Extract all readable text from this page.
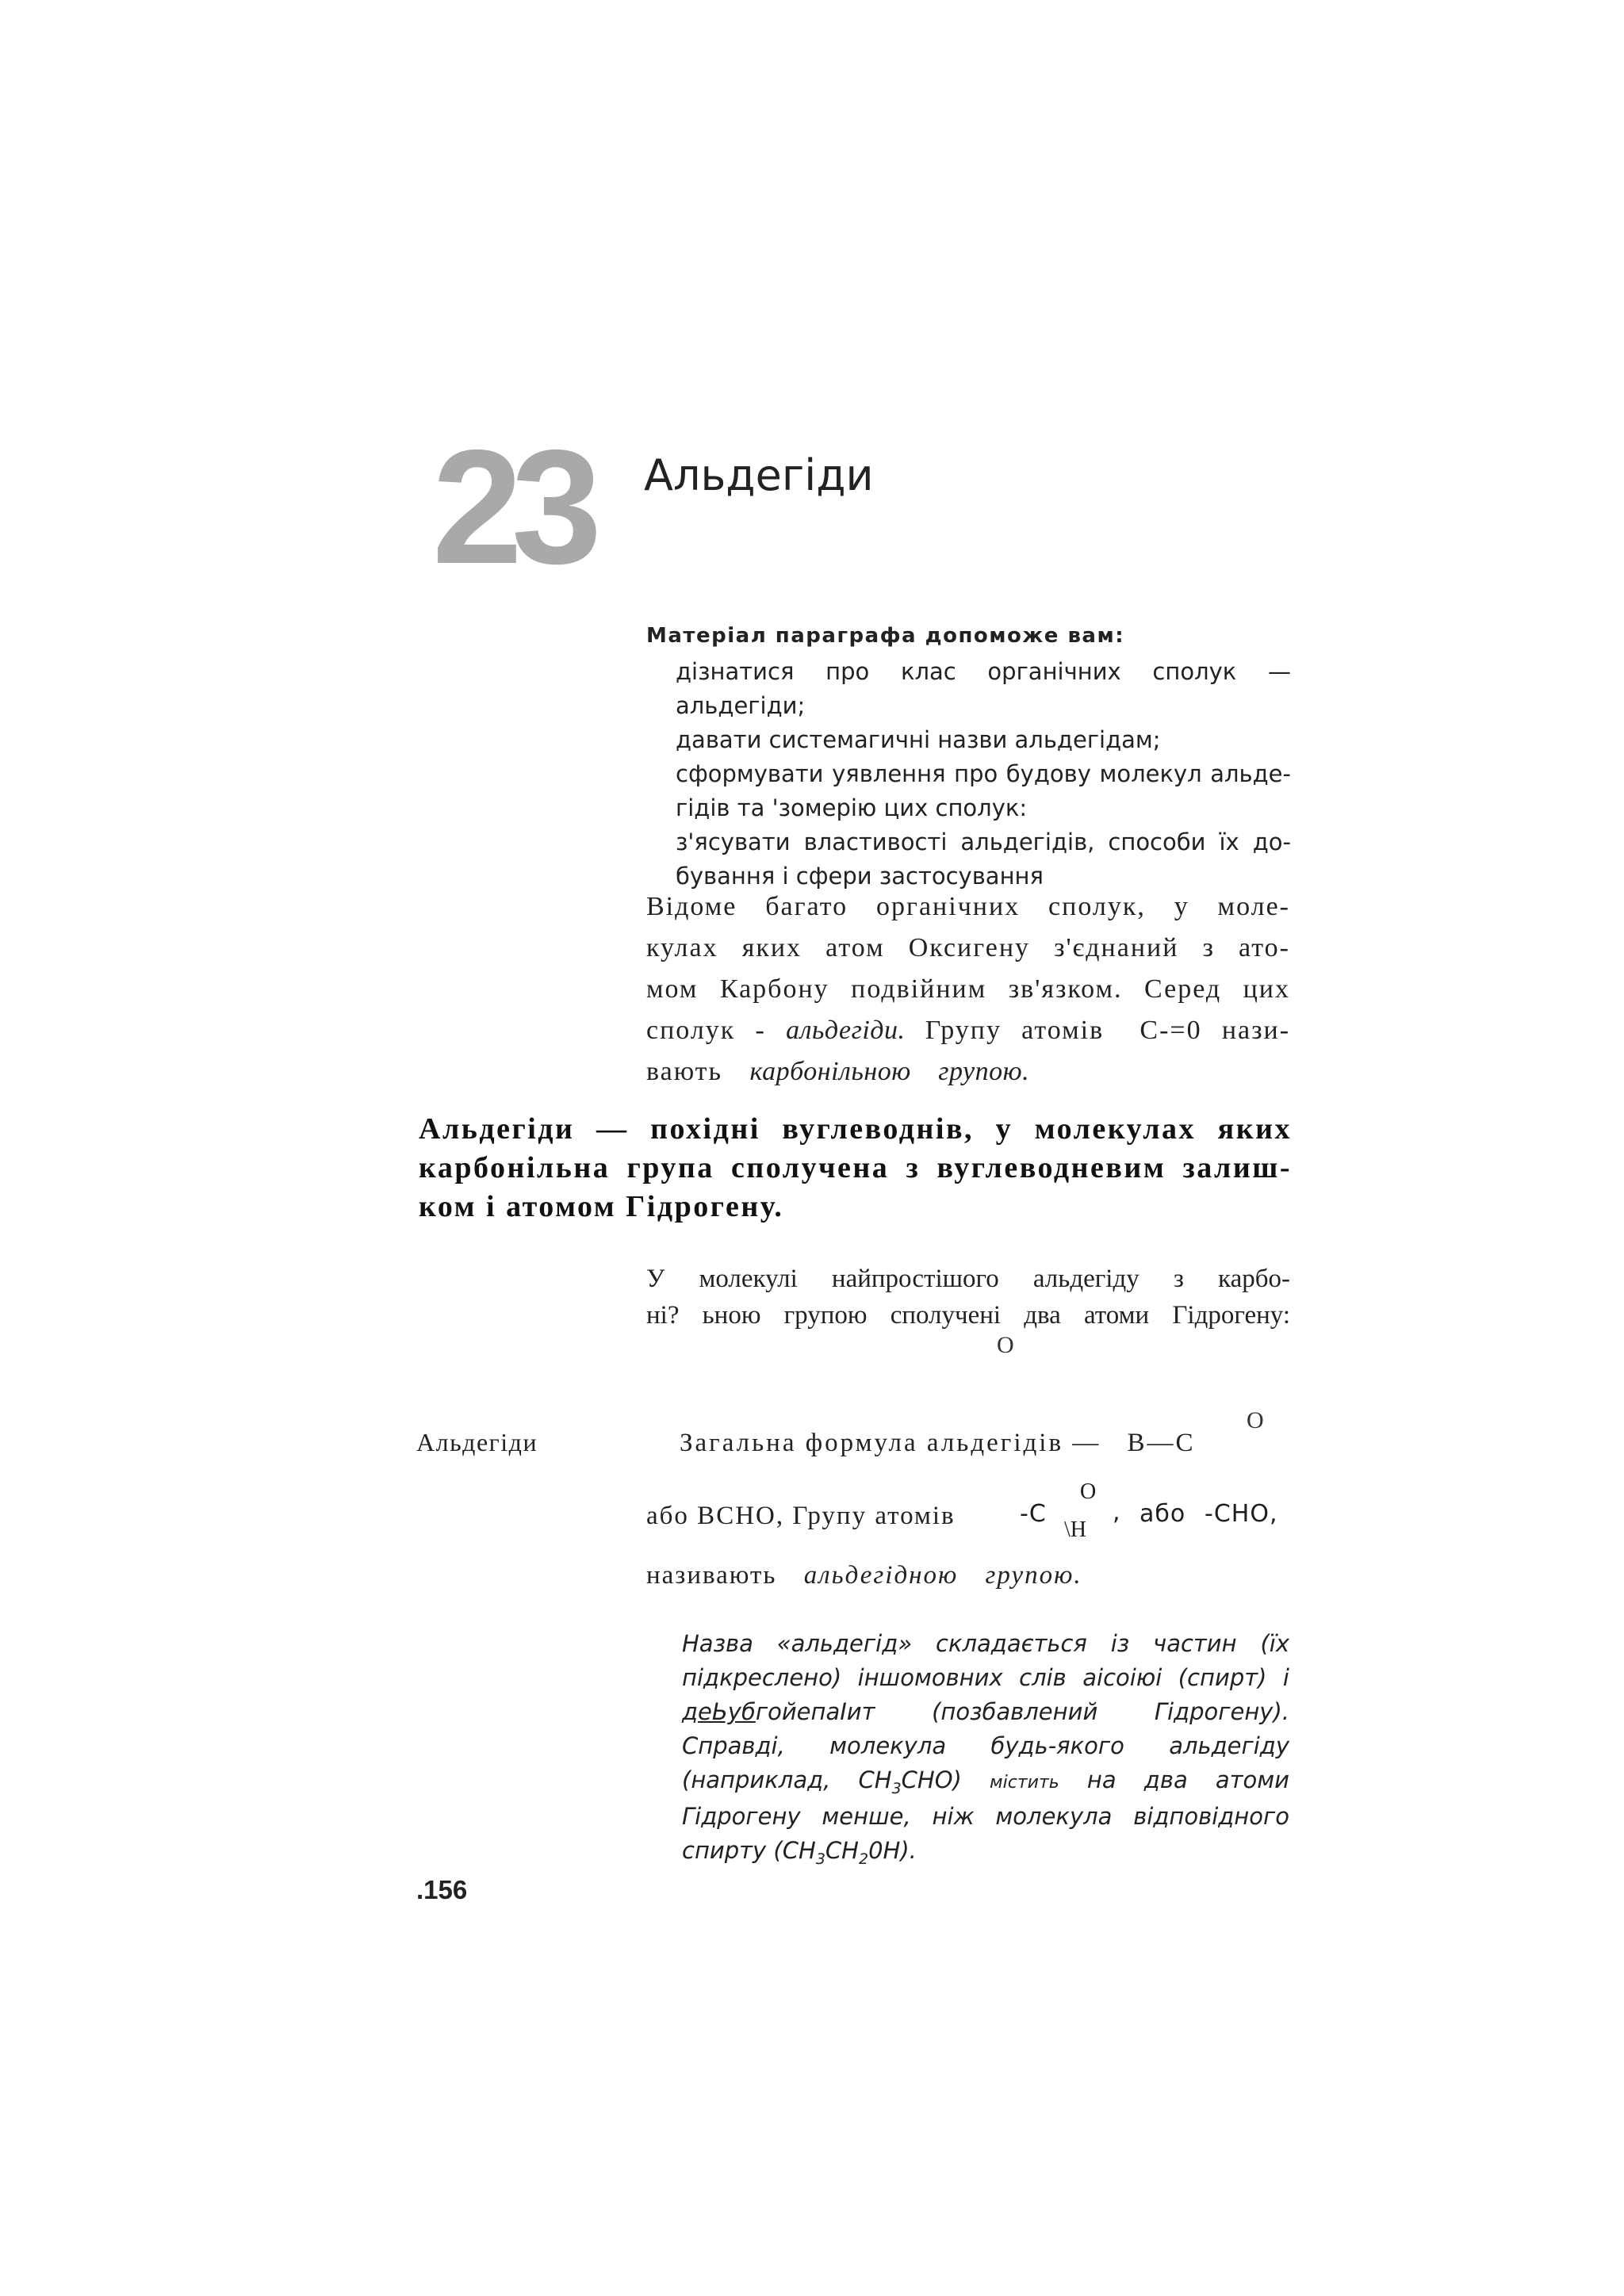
23 Альдегіди
Матеріал параграфа допоможе вам:
дізнатися про клас органічних сполук — альдегіди;
давати системагичні назви альдегідам;
сформувати уявлення про будову молекул альде-
гідів та 'зомерію цих сполук:
з'ясувати властивості альдегідів, способи їх до-
бування і сфери застосування
Відоме багато органічних сполук, у моле-
кулах яких атом Оксигену з'єднаний з ато-
мом Карбону подвійним зв'язком. Серед цих
сполук - альдегіди. Групу атомів C-=0 нази-
вають карбонільною групою.
Альдегіди — похідні вуглеводнів, у молекулах яких
карбонільна група сполучена з вуглеводневим залиш-
ком і атомом Гідрогену.
У молекулі найпростішого альдегіду з карбо-
ні? ьною групою сполучені два атоми Гідрогену:
O
Альдегіди	Загальна формула альдегідів — B—C
O
або BCHO, Групу атомів	-C
O
\H
, або -CHO,
називають альдегідною групою.
Назва «альдегід» складається із частин (їх
підкреслено) іншомовних слів аісоіюі (спирт) і
деЬубгойепаІит (позбавлений Гідрогену).
Справді, молекула будь-якого альдегіду
(наприклад, $CH_3CHO$) містить на два атоми
Гідрогену менше, ніж молекула відповідного
спирту $(CH_3CH_20H)$.
.156
